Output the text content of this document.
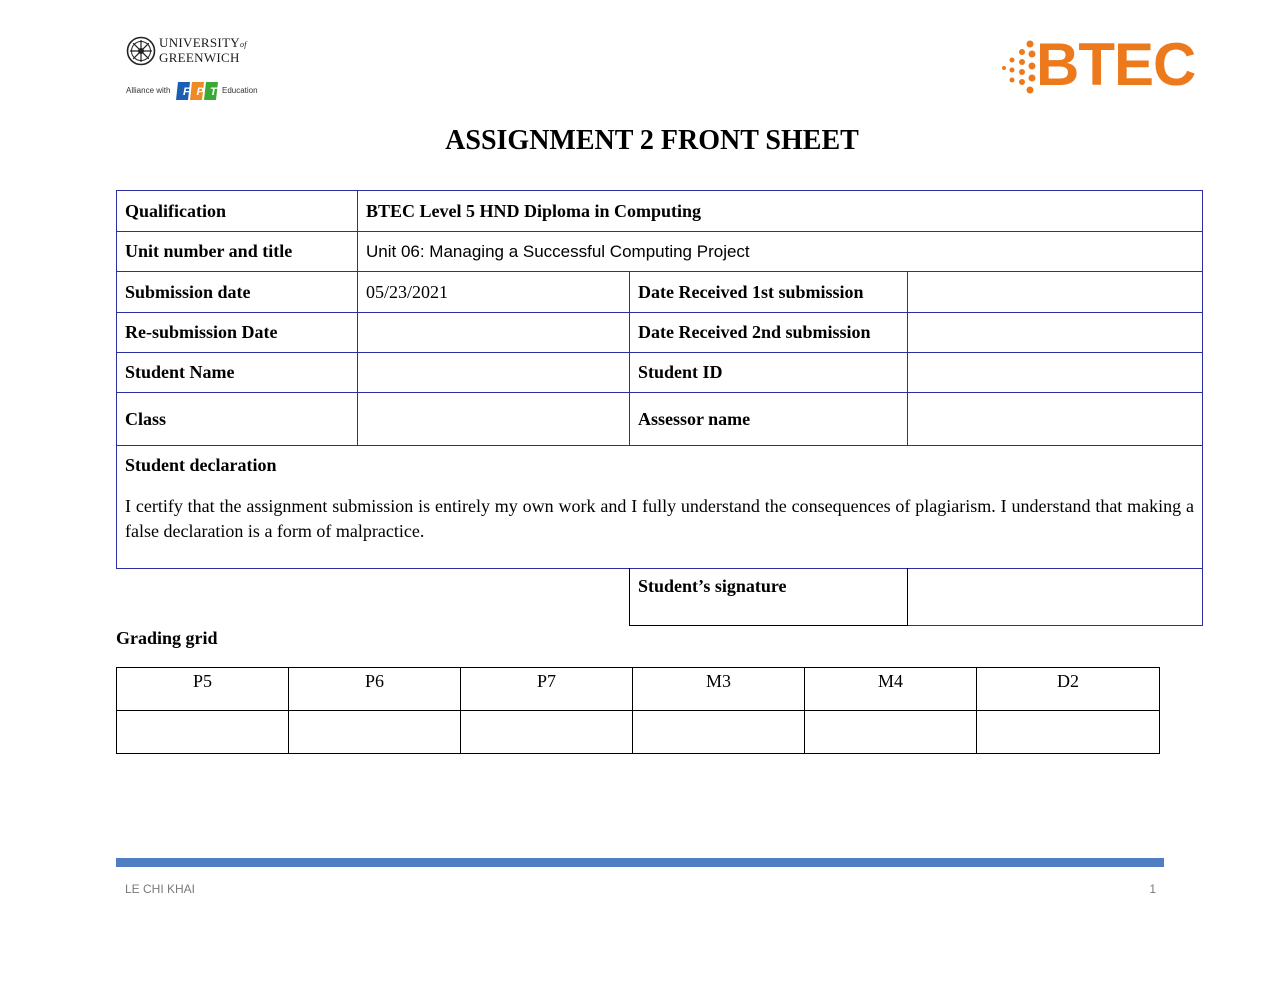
UNIVERSITYof
GREENWICH
Alliance with F P T Education	BTEC
ASSIGNMENT 2 FRONT SHEET
Qualification	BTEC Level 5 HND Diploma in Computing		
Unit number and title	Unit 06: Managing a Successful Computing Project		
Submission date	05/23/2021	Date Received 1st submission	
Re-submission Date		Date Received 2nd submission	
Student Name		Student ID	
Class		Assessor name	

Student declaration
I certify that the assignment submission is entirely my own work and I fully understand the consequences of plagiarism. I understand that making a false declaration is a form of malpractice.			
Student’s signature	
Grading grid
P5	P6	P7	M3	M4	D2

LE CHI KHAI	1
